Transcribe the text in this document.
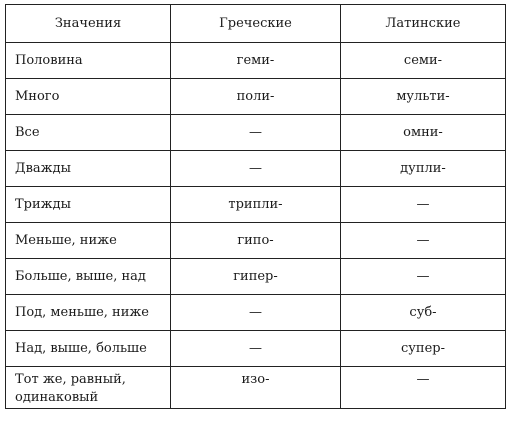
Значения	Греческие	Латинские
Половина	геми-	семи-
Много	поли-	мульти-
Все	—	омни-
Дважды	—	дупли-
Трижды	трипли-	—
Меньше, ниже	гипо-	—
Больше, выше, над	гипер-	—
Под, меньше, ниже	—	суб-
Над, выше, больше	—	супер-
Тот же, равный, одинаковый	изо-	—
